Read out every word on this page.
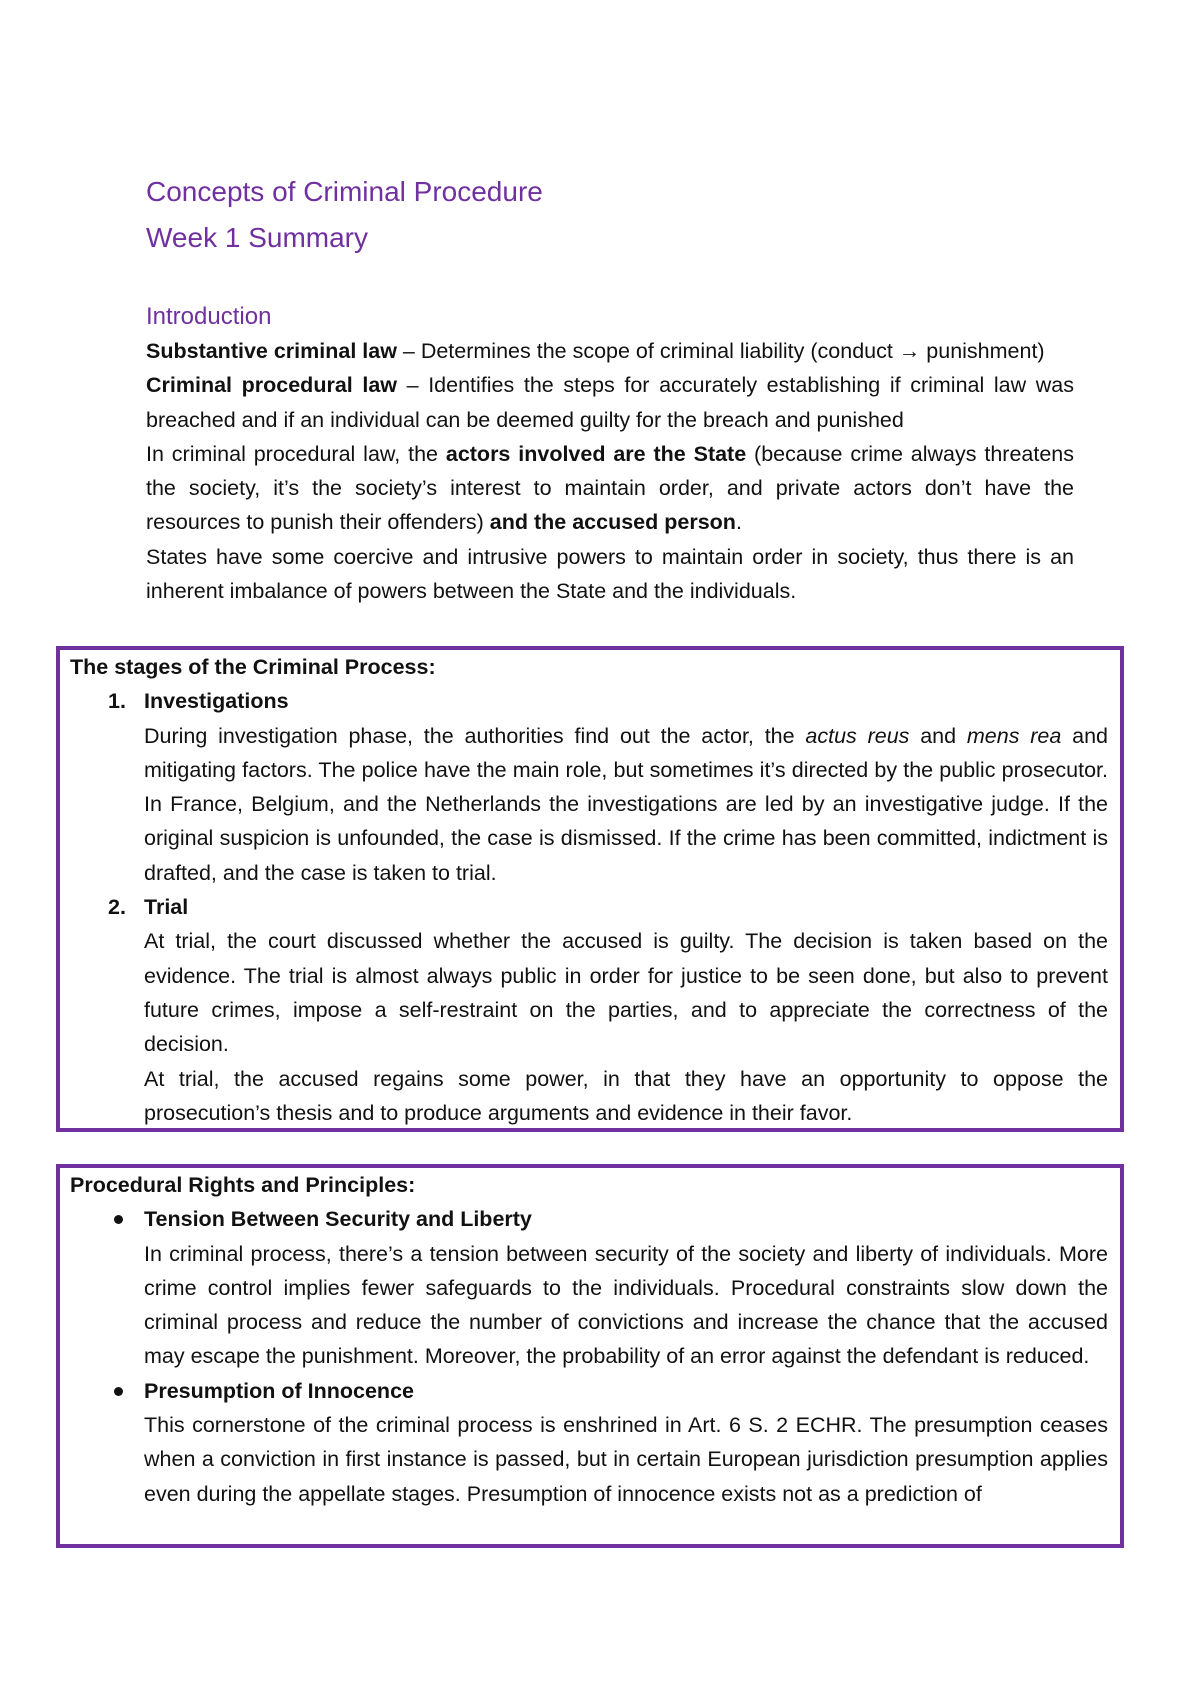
Concepts of Criminal Procedure
Week 1 Summary
Introduction

Substantive criminal law – Determines the scope of criminal liability (conduct → punishment)

Criminal procedural law – Identifies the steps for accurately establishing if criminal law was breached and if an individual can be deemed guilty for the breach and punished

In criminal procedural law, the actors involved are the State (because crime always threatens the society, it’s the society’s interest to maintain order, and private actors don’t have the resources to punish their offenders) and the accused person.

States have some coercive and intrusive powers to maintain order in society, thus there is an inherent imbalance of powers between the State and the individuals.

The stages of the Criminal Process:

1. Investigations

During investigation phase, the authorities find out the actor, the actus reus and mens rea and mitigating factors. The police have the main role, but sometimes it’s directed by the public prosecutor. In France, Belgium, and the Netherlands the investigations are led by an investigative judge. If the original suspicion is unfounded, the case is dismissed. If the crime has been committed, indictment is drafted, and the case is taken to trial.

2. Trial

At trial, the court discussed whether the accused is guilty. The decision is taken based on the evidence. The trial is almost always public in order for justice to be seen done, but also to prevent future crimes, impose a self-restraint on the parties, and to appreciate the correctness of the decision.

At trial, the accused regains some power, in that they have an opportunity to oppose the prosecution’s thesis and to produce arguments and evidence in their favor.

Procedural Rights and Principles:

Tension Between Security and Liberty

In criminal process, there’s a tension between security of the society and liberty of individuals. More crime control implies fewer safeguards to the individuals. Procedural constraints slow down the criminal process and reduce the number of convictions and increase the chance that the accused may escape the punishment. Moreover, the probability of an error against the defendant is reduced.

Presumption of Innocence

This cornerstone of the criminal process is enshrined in Art. 6 S. 2 ECHR. The presumption ceases when a conviction in first instance is passed, but in certain European jurisdiction presumption applies even during the appellate stages. Presumption of innocence exists not as a prediction of
